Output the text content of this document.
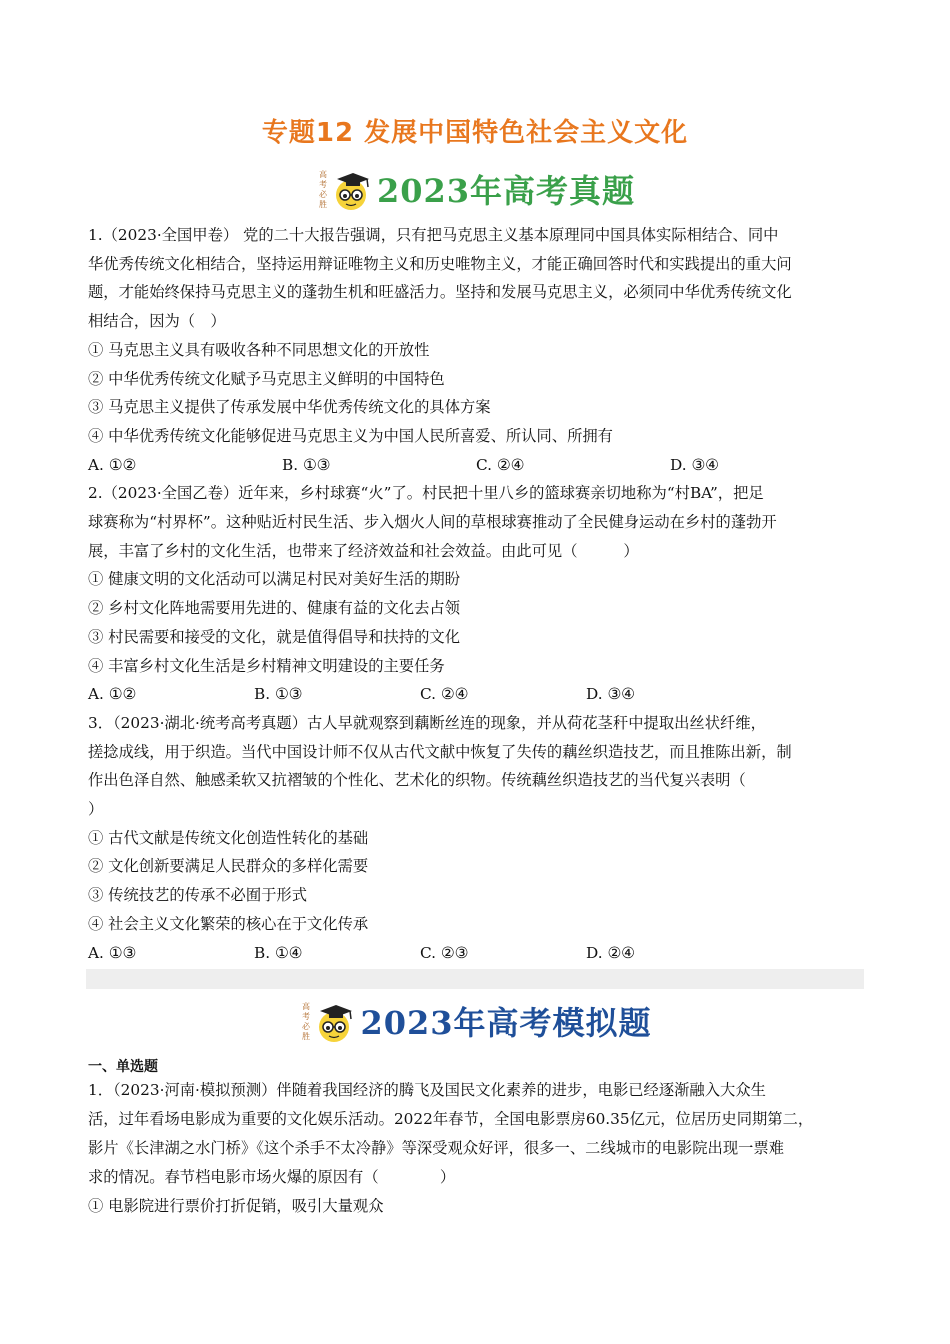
专题12 发展中国特色社会主义文化
高
考
必
胜 2023年高考真题

1.（2023·全国甲卷） 党的二十大报告强调，只有把马克思主义基本原理同中国具体实际相结合、同中

华优秀传统文化相结合，坚持运用辩证唯物主义和历史唯物主义，才能正确回答时代和实践提出的重大问

题，才能始终保持马克思主义的蓬勃生机和旺盛活力。坚持和发展马克思主义，必须同中华优秀传统文化

相结合，因为（　）

① 马克思主义具有吸收各种不同思想文化的开放性

② 中华优秀传统文化赋予马克思主义鲜明的中国特色

③ 马克思主义提供了传承发展中华优秀传统文化的具体方案

④ 中华优秀传统文化能够促进马克思主义为中国人民所喜爱、所认同、所拥有

A. ①②	B. ①③	C. ②④	D. ③④

2.（2023·全国乙卷）近年来，乡村球赛“火”了。村民把十里八乡的篮球赛亲切地称为“村BA”，把足

球赛称为“村界杯”。这种贴近村民生活、步入烟火人间的草根球赛推动了全民健身运动在乡村的蓬勃开

展，丰富了乡村的文化生活，也带来了经济效益和社会效益。由此可见（　　　）

① 健康文明的文化活动可以满足村民对美好生活的期盼

② 乡村文化阵地需要用先进的、健康有益的文化去占领

③ 村民需要和接受的文化，就是值得倡导和扶持的文化

④ 丰富乡村文化生活是乡村精神文明建设的主要任务

A. ①②	B. ①③	C. ②④	D. ③④

3．（2023·湖北·统考高考真题）古人早就观察到藕断丝连的现象，并从荷花茎秆中提取出丝状纤维，

搓捻成线，用于织造。当代中国设计师不仅从古代文献中恢复了失传的藕丝织造技艺，而且推陈出新，制

作出色泽自然、触感柔软又抗褶皱的个性化、艺术化的织物。传统藕丝织造技艺的当代复兴表明（

）

① 古代文献是传统文化创造性转化的基础

② 文化创新要满足人民群众的多样化需要

③ 传统技艺的传承不必囿于形式

④ 社会主义文化繁荣的核心在于文化传承

A. ①③	B. ①④	C. ②③	D. ②④
高
考
必
胜 2023年高考模拟题

一、单选题

1．（2023·河南·模拟预测）伴随着我国经济的腾飞及国民文化素养的进步，电影已经逐渐融入大众生

活，过年看场电影成为重要的文化娱乐活动。2022年春节，全国电影票房60.35亿元，位居历史同期第二，

影片《长津湖之水门桥》《这个杀手不太冷静》等深受观众好评，很多一、二线城市的电影院出现一票难

求的情况。春节档电影市场火爆的原因有（　　　　）

① 电影院进行票价打折促销，吸引大量观众
